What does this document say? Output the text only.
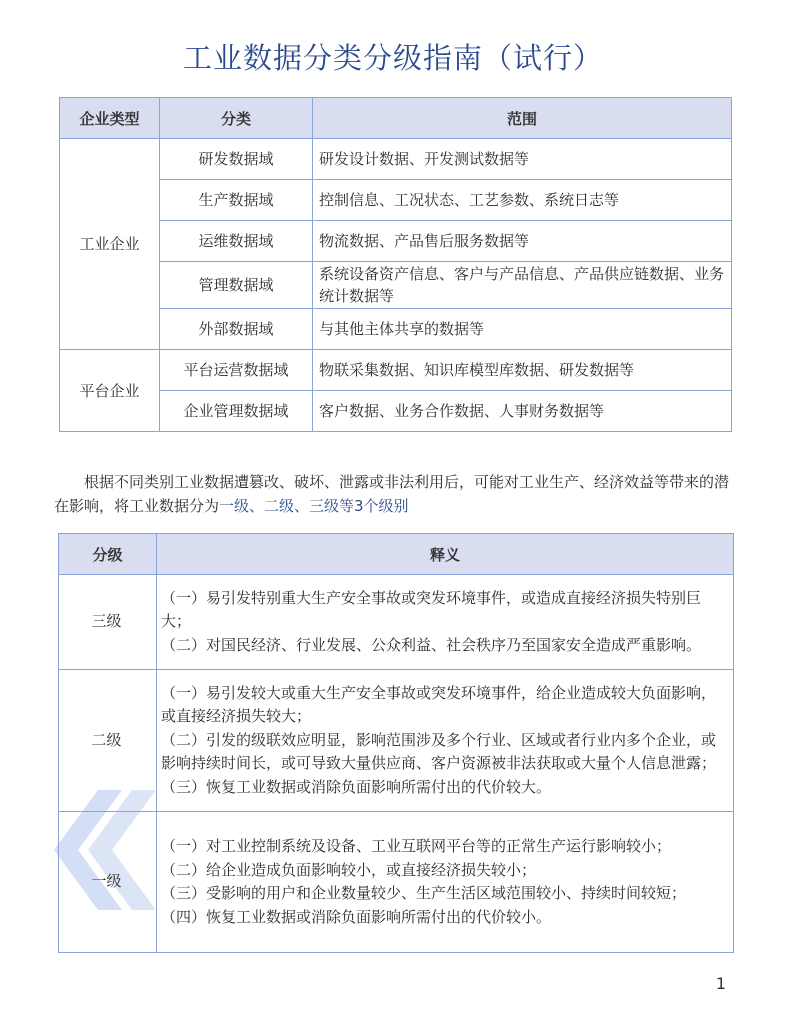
工业数据分类分级指南（试行）
企业类型	分类	范围
工业企业	研发数据域	研发设计数据、开发测试数据等
	生产数据域	控制信息、工况状态、工艺参数、系统日志等
	运维数据域	物流数据、产品售后服务数据等
	管理数据域	系统设备资产信息、客户与产品信息、产品供应链数据、业务统计数据等
	外部数据域	与其他主体共享的数据等
平台企业	平台运营数据域	物联采集数据、知识库模型库数据、研发数据等
	企业管理数据域	客户数据、业务合作数据、人事财务数据等
根据不同类别工业数据遭篡改、破坏、泄露或非法利用后，可能对工业生产、经济效益等带来的潜在影响，将工业数据分为一级、二级、三级等3个级别
分级	释义
三级	（一）易引发特别重大生产安全事故或突发环境事件，或造成直接经济损失特别巨大；
（二）对国民经济、行业发展、公众利益、社会秩序乃至国家安全造成严重影响。

二级	（一）易引发较大或重大生产安全事故或突发环境事件，给企业造成较大负面影响，或直接经济损失较大；
（二）引发的级联效应明显，影响范围涉及多个行业、区域或者行业内多个企业，或影响持续时间长，或可导致大量供应商、客户资源被非法获取或大量个人信息泄露；
（三）恢复工业数据或消除负面影响所需付出的代价较大。

一级	（一）对工业控制系统及设备、工业互联网平台等的正常生产运行影响较小；
（二）给企业造成负面影响较小，或直接经济损失较小；
（三）受影响的用户和企业数量较少、生产生活区域范围较小、持续时间较短；
（四）恢复工业数据或消除负面影响所需付出的代价较小。
1
